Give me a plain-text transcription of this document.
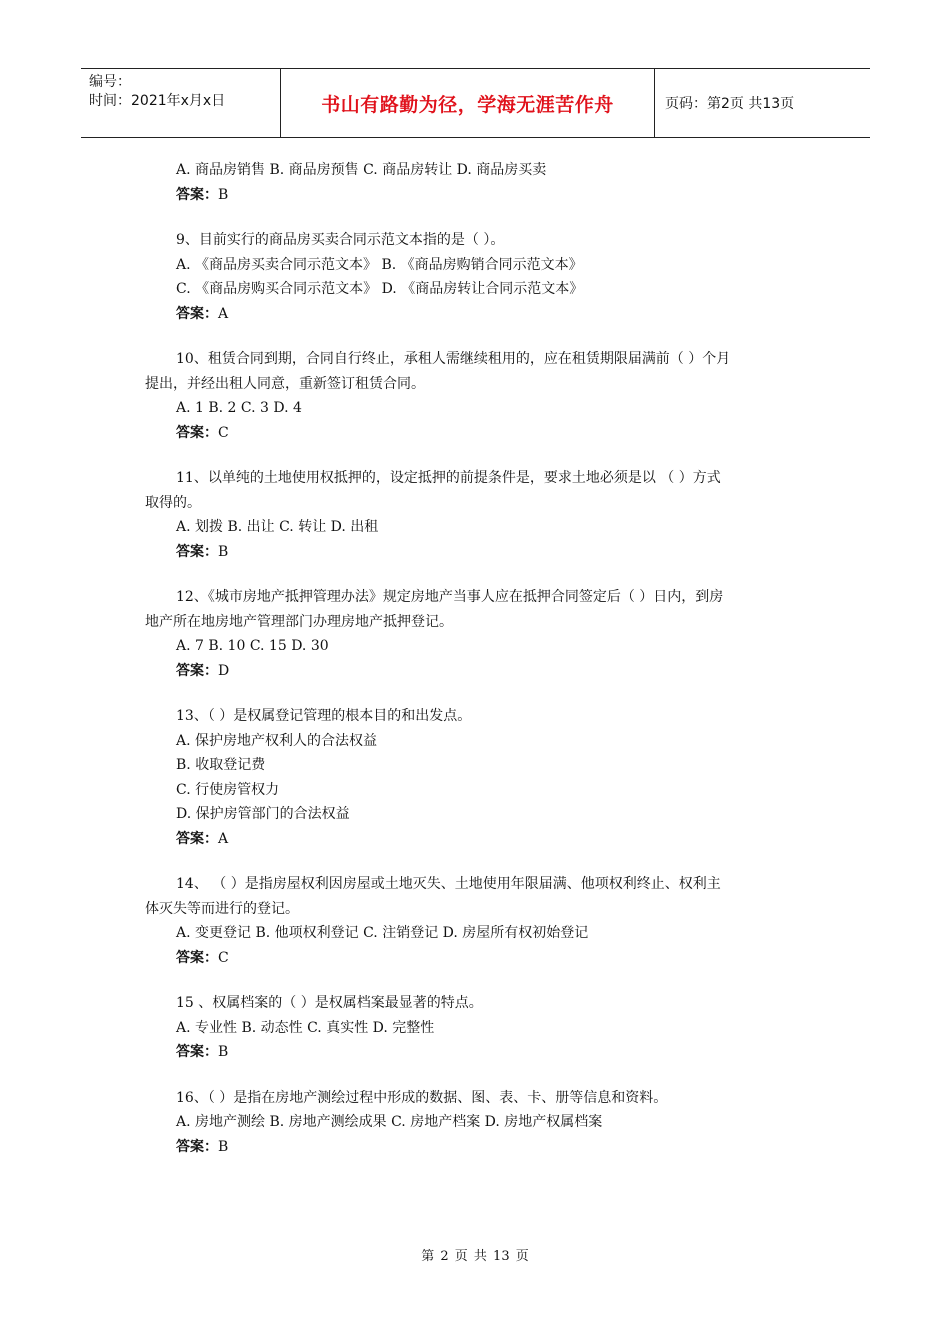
编号：
时间：2021年x月x日	书山有路勤为径，学海无涯苦作舟	页码：第2页 共13页
A. 商品房销售 B. 商品房预售 C. 商品房转让 D. 商品房买卖
答案：B
9、目前实行的商品房买卖合同示范文本指的是（ ）。
A. 《商品房买卖合同示范文本》 B. 《商品房购销合同示范文本》
C. 《商品房购买合同示范文本》 D. 《商品房转让合同示范文本》
答案：A
10、租赁合同到期，合同自行终止，承租人需继续租用的，应在租赁期限届满前（ ）个月
提出，并经出租人同意，重新签订租赁合同。
A. 1 B. 2 C. 3 D. 4
答案：C
11、以单纯的土地使用权抵押的，设定抵押的前提条件是，要求土地必须是以 （ ）方式
取得的。
A. 划拨 B. 出让 C. 转让 D. 出租
答案：B
12、《城市房地产抵押管理办法》规定房地产当事人应在抵押合同签定后（ ）日内，到房
地产所在地房地产管理部门办理房地产抵押登记。
A. 7 B. 10 C. 15 D. 30
答案：D
13、（ ）是权属登记管理的根本目的和出发点。
A. 保护房地产权利人的合法权益
B. 收取登记费
C. 行使房管权力
D. 保护房管部门的合法权益
答案：A
14、 （ ）是指房屋权利因房屋或土地灭失、土地使用年限届满、他项权利终止、权利主
体灭失等而进行的登记。
A. 变更登记 B. 他项权利登记 C. 注销登记 D. 房屋所有权初始登记
答案：C
15 、权属档案的（ ）是权属档案最显著的特点。
A. 专业性 B. 动态性 C. 真实性 D. 完整性
答案：B
16、（ ）是指在房地产测绘过程中形成的数据、图、表、卡、册等信息和资料。
A. 房地产测绘 B. 房地产测绘成果 C. 房地产档案 D. 房地产权属档案
答案：B
第 2 页 共 13 页
